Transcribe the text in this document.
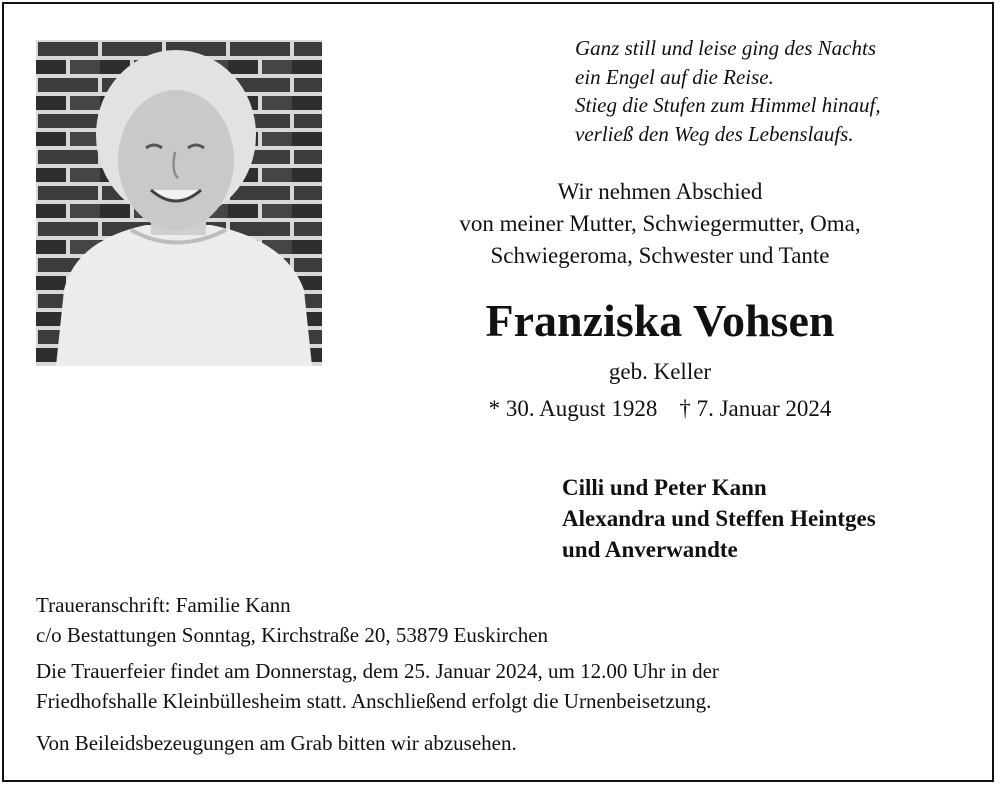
Ganz still und leise ging des Nachts
ein Engel auf die Reise.
Stieg die Stufen zum Himmel hinauf,
verließ den Weg des Lebenslaufs.
Wir nehmen Abschied
von meiner Mutter, Schwiegermutter, Oma,
Schwiegeroma, Schwester und Tante
Franziska Vohsen
geb. Keller
* 30. August 1928 † 7. Januar 2024
Cilli und Peter Kann
Alexandra und Steffen Heintges
und Anverwandte
Traueranschrift: Familie Kann
c/o Bestattungen Sonntag, Kirchstraße 20, 53879 Euskirchen
Die Trauerfeier findet am Donnerstag, dem 25. Januar 2024, um 12.00 Uhr in der
Friedhofshalle Kleinbüllesheim statt. Anschließend erfolgt die Urnenbeisetzung.
Von Beileidsbezeugungen am Grab bitten wir abzusehen.
